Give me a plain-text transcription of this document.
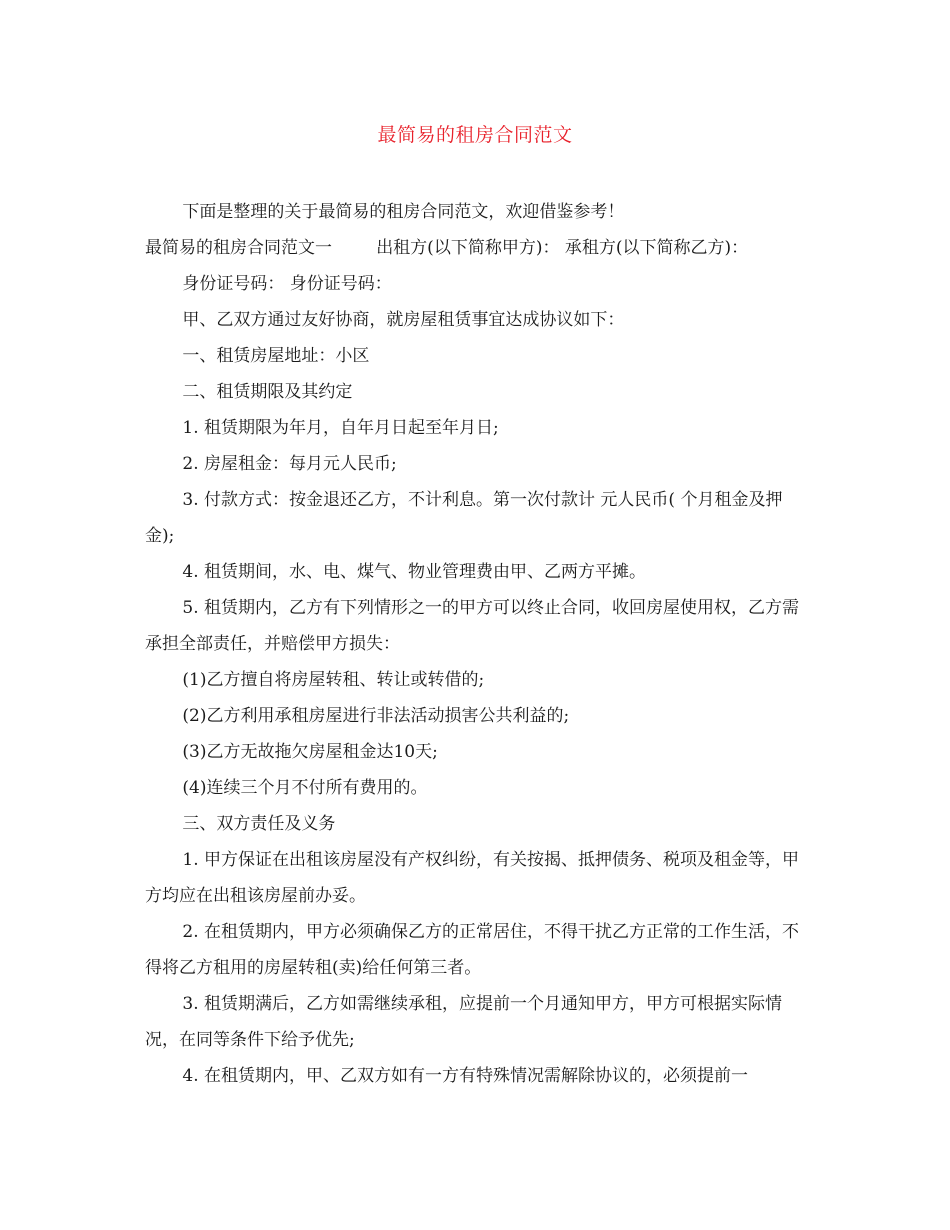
最简易的租房合同范文

下面是整理的关于最简易的租房合同范文，欢迎借鉴参考！

最简易的租房合同范文一	出租方(以下简称甲方)： 承租方(以下简称乙方)：

身份证号码： 身份证号码：

甲、乙双方通过友好协商，就房屋租赁事宜达成协议如下：

一、租赁房屋地址：小区

二、租赁期限及其约定

1. 租赁期限为年月，自年月日起至年月日;

2. 房屋租金：每月元人民币;

3. 付款方式：按金退还乙方，不计利息。第一次付款计 元人民币( 个月租金及押金);

4. 租赁期间，水、电、煤气、物业管理费由甲、乙两方平摊。

5. 租赁期内，乙方有下列情形之一的甲方可以终止合同，收回房屋使用权，乙方需承担全部责任，并赔偿甲方损失：

(1)乙方擅自将房屋转租、转让或转借的;

(2)乙方利用承租房屋进行非法活动损害公共利益的;

(3)乙方无故拖欠房屋租金达10天;

(4)连续三个月不付所有费用的。

三、双方责任及义务

1. 甲方保证在出租该房屋没有产权纠纷，有关按揭、抵押债务、税项及租金等，甲方均应在出租该房屋前办妥。

2. 在租赁期内，甲方必须确保乙方的正常居住，不得干扰乙方正常的工作生活，不得将乙方租用的房屋转租(卖)给任何第三者。

3. 租赁期满后，乙方如需继续承租，应提前一个月通知甲方，甲方可根据实际情况，在同等条件下给予优先;

4. 在租赁期内，甲、乙双方如有一方有特殊情况需解除协议的，必须提前一
